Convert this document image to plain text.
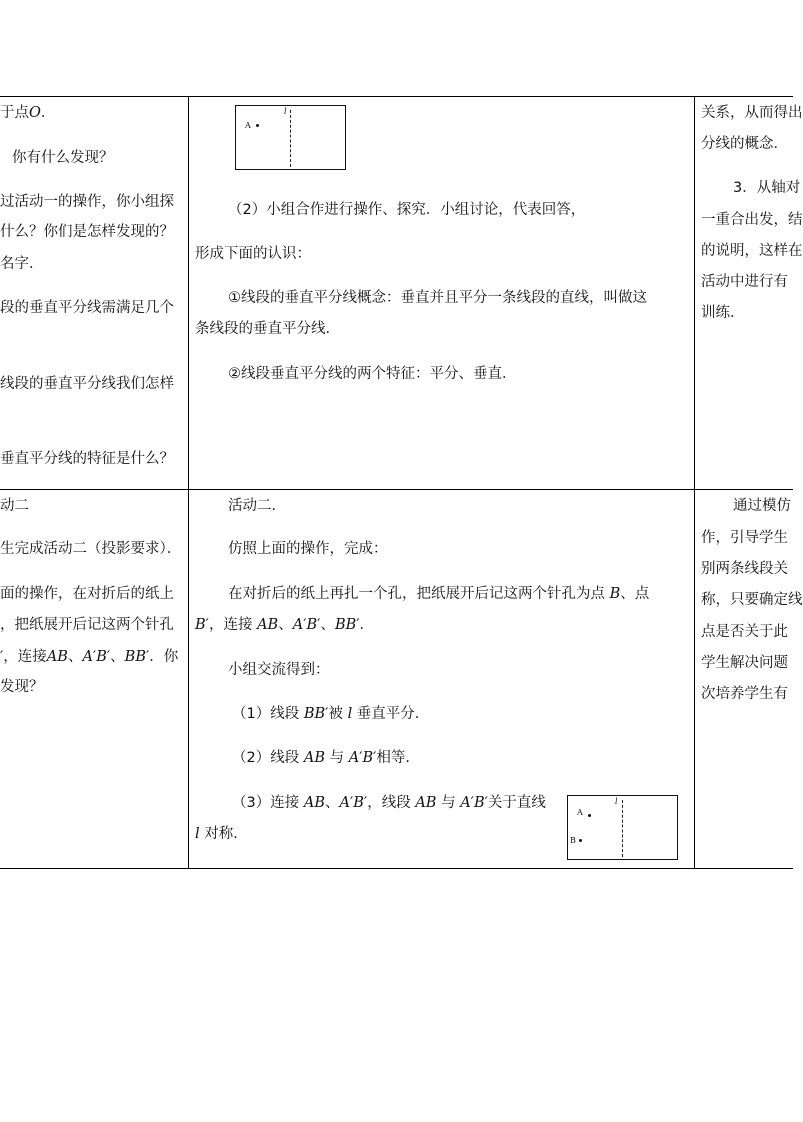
于点O．
你有什么发现？
过活动一的操作，你小组探
什么？你们是怎样发现的？
名字．
段的垂直平分线需满足几个
线段的垂直平分线我们怎样
垂直平分线的特征是什么？
A
l
（2）小组合作进行操作、探究．小组讨论，代表回答，
形成下面的认识：
①线段的垂直平分线概念：垂直并且平分一条线段的直线，叫做这
条线段的垂直平分线．
②线段垂直平分线的两个特征：平分、垂直．
关系，从而得出
分线的概念．
3．从轴对
一重合出发，结
的说明，这样在
活动中进行有
训练．
动二
生完成活动二（投影要求）．
面的操作，在对折后的纸上
，把纸展开后记这两个针孔
′，连接AB、A′B′、BB′．你
发现？
活动二．
仿照上面的操作，完成：
在对折后的纸上再扎一个孔，把纸展开后记这两个针孔为点 B、点
B′，连接 AB、A′B′、BB′．
小组交流得到：
（1）线段 BB′被 l 垂直平分．
（2）线段 AB 与 A′B′相等．
（3）连接 AB、A′B′，线段 AB 与 A′B′关于直线
l 对称．
A
B
l
通过模仿
作，引导学生
别两条线段关
称，只要确定线
点是否关于此
学生解决问题
次培养学生有
